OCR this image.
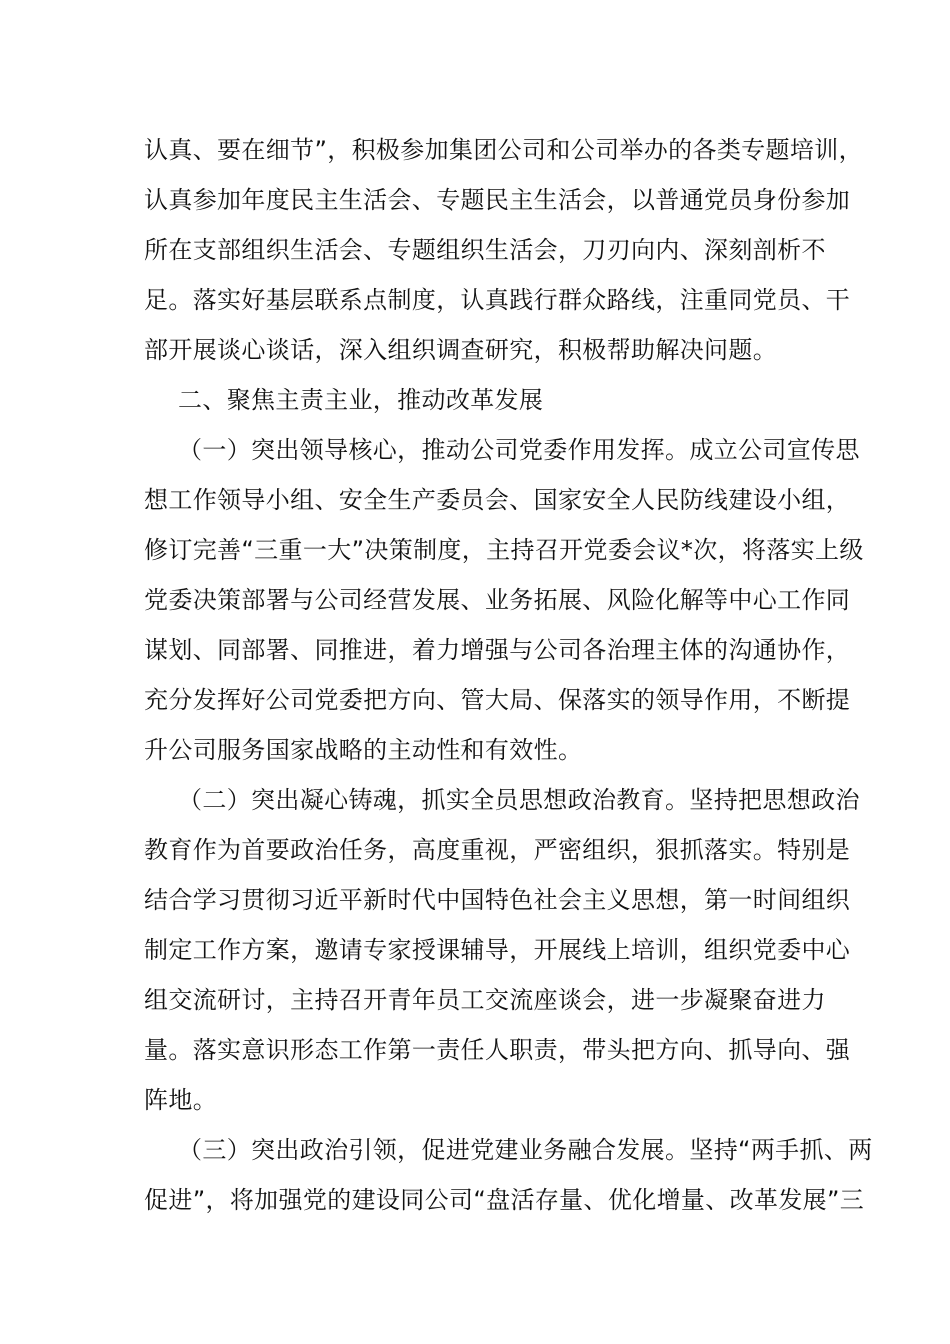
认真、要在细节”，积极参加集团公司和公司举办的各类专题培训，
认真参加年度民主生活会、专题民主生活会，以普通党员身份参加
所在支部组织生活会、专题组织生活会，刀刃向内、深刻剖析不
足。落实好基层联系点制度，认真践行群众路线，注重同党员、干
部开展谈心谈话，深入组织调查研究，积极帮助解决问题。
二、聚焦主责主业，推动改革发展
（一）突出领导核心，推动公司党委作用发挥。成立公司宣传思
想工作领导小组、安全生产委员会、国家安全人民防线建设小组，
修订完善“三重一大”决策制度，主持召开党委会议*次，将落实上级
党委决策部署与公司经营发展、业务拓展、风险化解等中心工作同
谋划、同部署、同推进，着力增强与公司各治理主体的沟通协作，
充分发挥好公司党委把方向、管大局、保落实的领导作用，不断提
升公司服务国家战略的主动性和有效性。
（二）突出凝心铸魂，抓实全员思想政治教育。坚持把思想政治
教育作为首要政治任务，高度重视，严密组织，狠抓落实。特别是
结合学习贯彻习近平新时代中国特色社会主义思想，第一时间组织
制定工作方案，邀请专家授课辅导，开展线上培训，组织党委中心
组交流研讨，主持召开青年员工交流座谈会，进一步凝聚奋进力
量。落实意识形态工作第一责任人职责，带头把方向、抓导向、强
阵地。
（三）突出政治引领，促进党建业务融合发展。坚持“两手抓、两
促进”，将加强党的建设同公司“盘活存量、优化增量、改革发展”三
